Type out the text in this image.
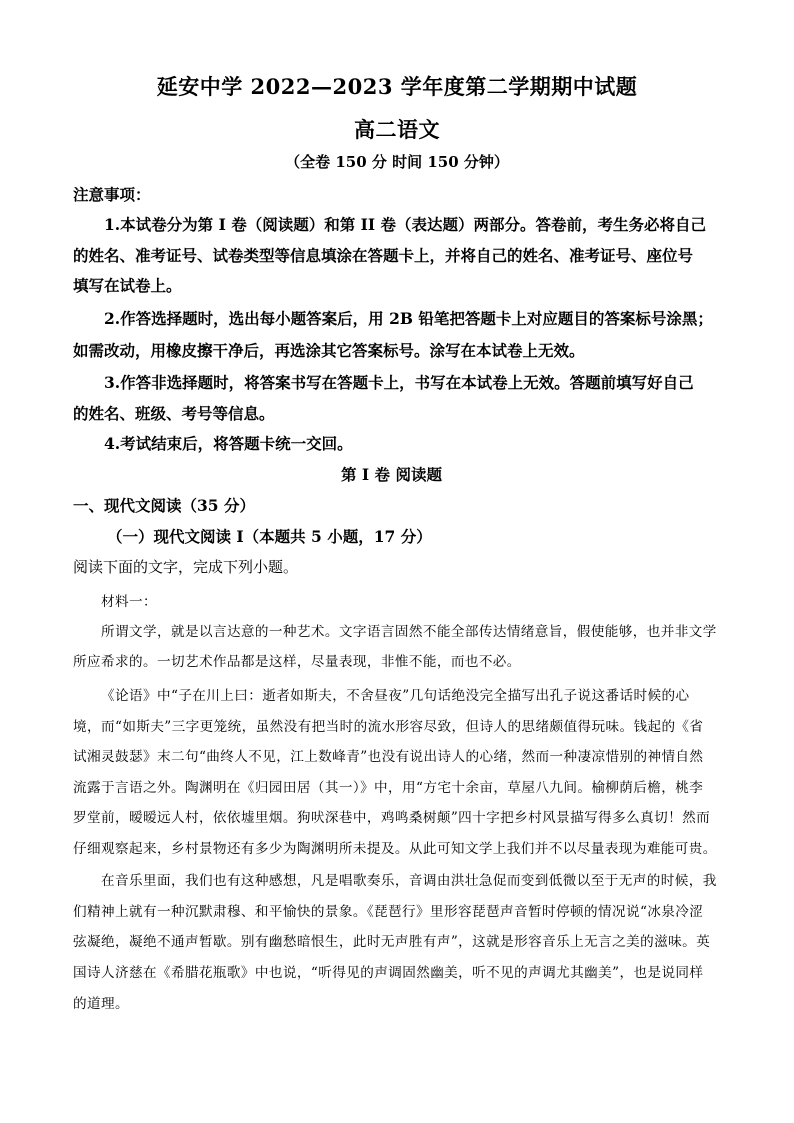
延安中学 2022—2023 学年度第二学期期中试题
高二语文
（全卷 150 分 时间 150 分钟）
注意事项：
1.本试卷分为第 I 卷（阅读题）和第 II 卷（表达题）两部分。答卷前，考生务必将自己
的姓名、准考证号、试卷类型等信息填涂在答题卡上，并将自己的姓名、准考证号、座位号
填写在试卷上。
2.作答选择题时，选出每小题答案后，用 2B 铅笔把答题卡上对应题目的答案标号涂黑；
如需改动，用橡皮擦干净后，再选涂其它答案标号。涂写在本试卷上无效。
3.作答非选择题时，将答案书写在答题卡上，书写在本试卷上无效。答题前填写好自己
的姓名、班级、考号等信息。
4.考试结束后，将答题卡统一交回。
第 I 卷 阅读题
一、现代文阅读（35 分）
（一）现代文阅读 I（本题共 5 小题，17 分）
阅读下面的文字，完成下列小题。
材料一：
所谓文学，就是以言达意的一种艺术。文字语言固然不能全部传达情绪意旨，假使能够，也并非文学
所应希求的。一切艺术作品都是这样，尽量表现，非惟不能，而也不必。
《论语》中“子在川上曰：逝者如斯夫，不舍昼夜”几句话绝没完全描写出孔子说这番话时候的心
境，而“如斯夫”三字更笼统，虽然没有把当时的流水形容尽致，但诗人的思绪颇值得玩味。钱起的《省
试湘灵鼓瑟》末二句“曲终人不见，江上数峰青”也没有说出诗人的心绪，然而一种凄凉惜别的神情自然
流露于言语之外。陶渊明在《归园田居（其一）》中，用“方宅十余亩，草屋八九间。榆柳荫后檐，桃李
罗堂前，暧暧远人村，依依墟里烟。狗吠深巷中，鸡鸣桑树颠”四十字把乡村风景描写得多么真切！然而
仔细观察起来，乡村景物还有多少为陶渊明所未提及。从此可知文学上我们并不以尽量表现为难能可贵。
在音乐里面，我们也有这种感想，凡是唱歌奏乐，音调由洪壮急促而变到低微以至于无声的时候，我
们精神上就有一种沉默肃穆、和平愉快的景象。《琵琶行》里形容琵琶声音暂时停顿的情况说“冰泉冷涩
弦凝绝，凝绝不通声暂歇。别有幽愁暗恨生，此时无声胜有声”，这就是形容音乐上无言之美的滋味。英
国诗人济慈在《希腊花瓶歌》中也说，“听得见的声调固然幽美，听不见的声调尤其幽美”，也是说同样
的道理。
